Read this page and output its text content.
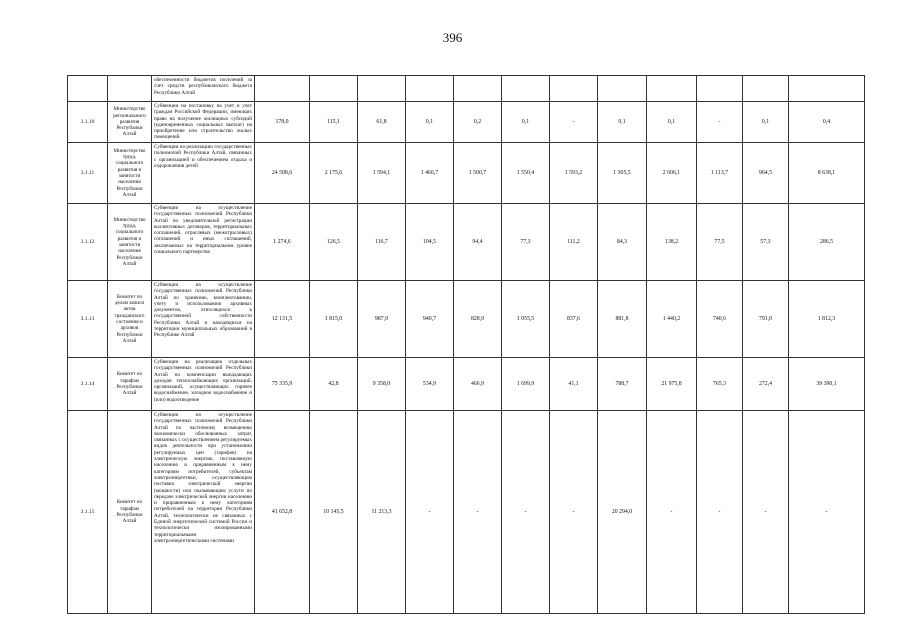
396
		обеспеченности бюджетов поселений за счет средств республиканского бюджета Республики Алтай												
3.1.10	Министерство регионального развития Республики Алтай	Субвенции на постановку на учет и учет граждан Российской Федерации, имеющих право на получение жилищных субсидий (единовременных социальных выплат) на приобретение или строительство жилых помещений	178,0	115,1	61,8	0,1	0,2	0,1	-	0,1	0,1	-	0,1	0,4
3.1.11	Министерство труда, социального развития и занятости населения Республики Алтай	Субвенции на реализацию государственных полномочий Республики Алтай, связанных с организацией и обеспечением отдыха и оздоровления детей	24 508,6	2 175,6	1 594,1	1 466,7	1 500,7	1 550,4	1 593,2	1 305,5	2 606,1	1 113,7	964,5	8 638,1
3.1.12	Министерство труда, социального развития и занятости населения Республики Алтай	Субвенции на осуществление государственных полномочий Республики Алтай по уведомительной регистрации коллективных договоров, территориальных соглашений, отраслевых (межотраслевых) соглашений и иных соглашений, заключаемых на территориальном уровне социального партнерства	1 274,6	126,5	116,7	104,5	94,4	77,3	111,2	84,3	138,2	77,5	57,3	286,5
3.1.13	Комитет по делам записи актов гражданского состояния и архивов Республики Алтай	Субвенции на осуществление государственных полномочий Республики Алтай по хранению, комплектованию, учету и использованию архивных документов, относящихся к государственной собственности Республики Алтай и находящихся на территории муниципальных образований в Республике Алтай	12 131,5	1 815,0	987,9	940,7	828,9	1 055,5	837,6	881,8	1 440,2	740,6	791,0	1 812,3
3.1.14	Комитет по тарифам Республики Алтай	Субвенции на реализацию отдельных государственных полномочий Республики Алтай по компенсации выпадающих доходов теплоснабжающих организаций, организаций, осуществляющих горячее водоснабжение, холодное водоснабжение и (или) водоотведение	75 335,9	42,8	9 358,0	534,9	466,9	1 699,9	41,1	788,7	21 975,8	765,3	272,4	39 390,1
3.1.15	Комитет по тарифам Республики Алтай	Субвенции на осуществление государственных полномочий Республики Алтай по частичному возмещению экономически обоснованных затрат, связанных с осуществлением регулируемых видов деятельности при установлении регулируемых цен (тарифов) на электрическую энергию, поставляемую населению и приравненным к нему категориям потребителей, субъектам электроэнергетики, осуществляющим поставки электрической энергии (мощности) или оказывающим услуги по передаче электрической энергии населению и приравненным к нему категориям потребителей на территории Республики Алтай, технологически не связанных с Единой энергетической системой России и технологически изолированными территориальными электроэнергетическими системами	41 652,8	10 145,5	11 213,3	-	-	-	-	20 294,0	-	-	-	-
